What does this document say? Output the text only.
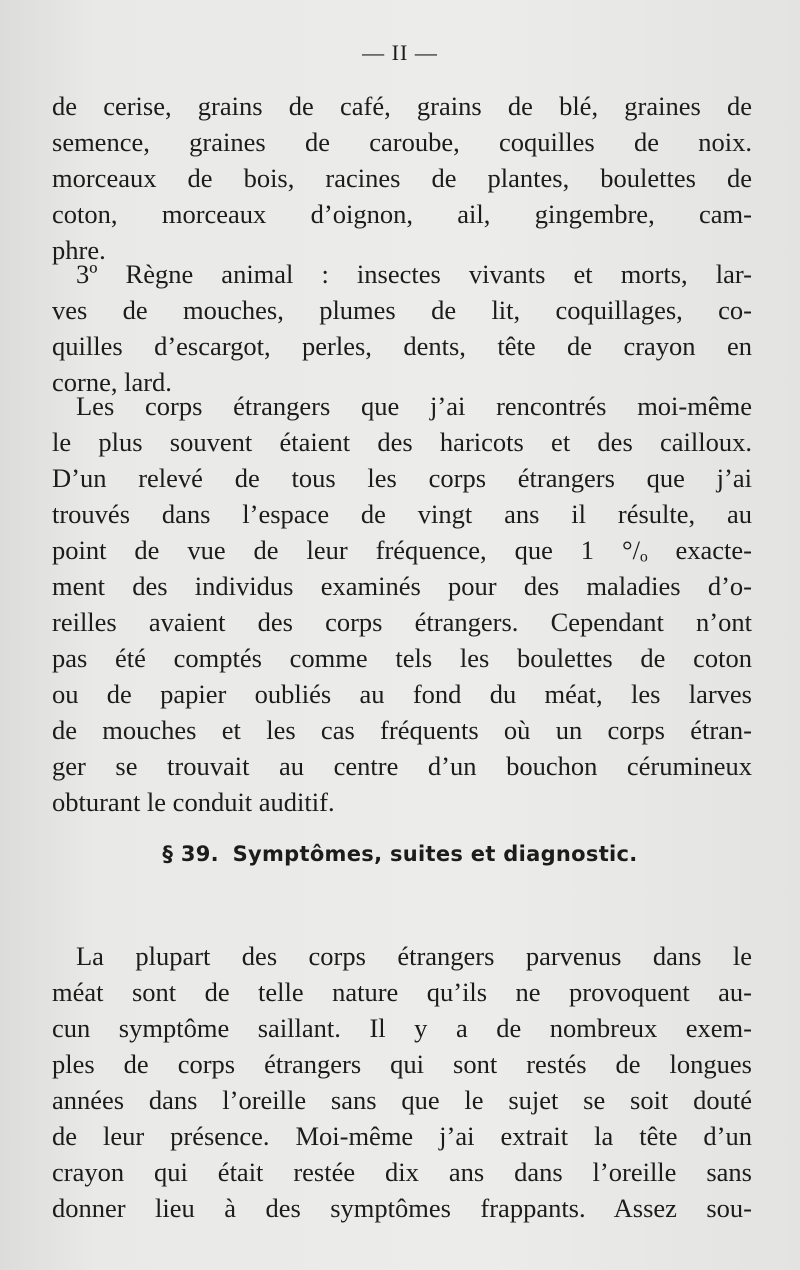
— II —
de cerise, grains de café, grains de blé, graines de
semence, graines de caroube, coquilles de noix.
morceaux de bois, racines de plantes, boulettes de
coton, morceaux d’oignon, ail, gingembre, cam-
phre.
3º Règne animal : insectes vivants et morts, lar-
ves de mouches, plumes de lit, coquillages, co-
quilles d’escargot, perles, dents, tête de crayon en
corne, lard.
Les corps étrangers que j’ai rencontrés moi-même
le plus souvent étaient des haricots et des cailloux.
D’un relevé de tous les corps étrangers que j’ai
trouvés dans l’espace de vingt ans il résulte, au
point de vue de leur fréquence, que 1 °/ₒ exacte-
ment des individus examinés pour des maladies d’o-
reilles avaient des corps étrangers. Cependant n’ont
pas été comptés comme tels les boulettes de coton
ou de papier oubliés au fond du méat, les larves
de mouches et les cas fréquents où un corps étran-
ger se trouvait au centre d’un bouchon cérumineux
obturant le conduit auditif.
§ 39. Symptômes, suites et diagnostic.
La plupart des corps étrangers parvenus dans le
méat sont de telle nature qu’ils ne provoquent au-
cun symptôme saillant. Il y a de nombreux exem-
ples de corps étrangers qui sont restés de longues
années dans l’oreille sans que le sujet se soit douté
de leur présence. Moi-même j’ai extrait la tête d’un
crayon qui était restée dix ans dans l’oreille sans
donner lieu à des symptômes frappants. Assez sou-
